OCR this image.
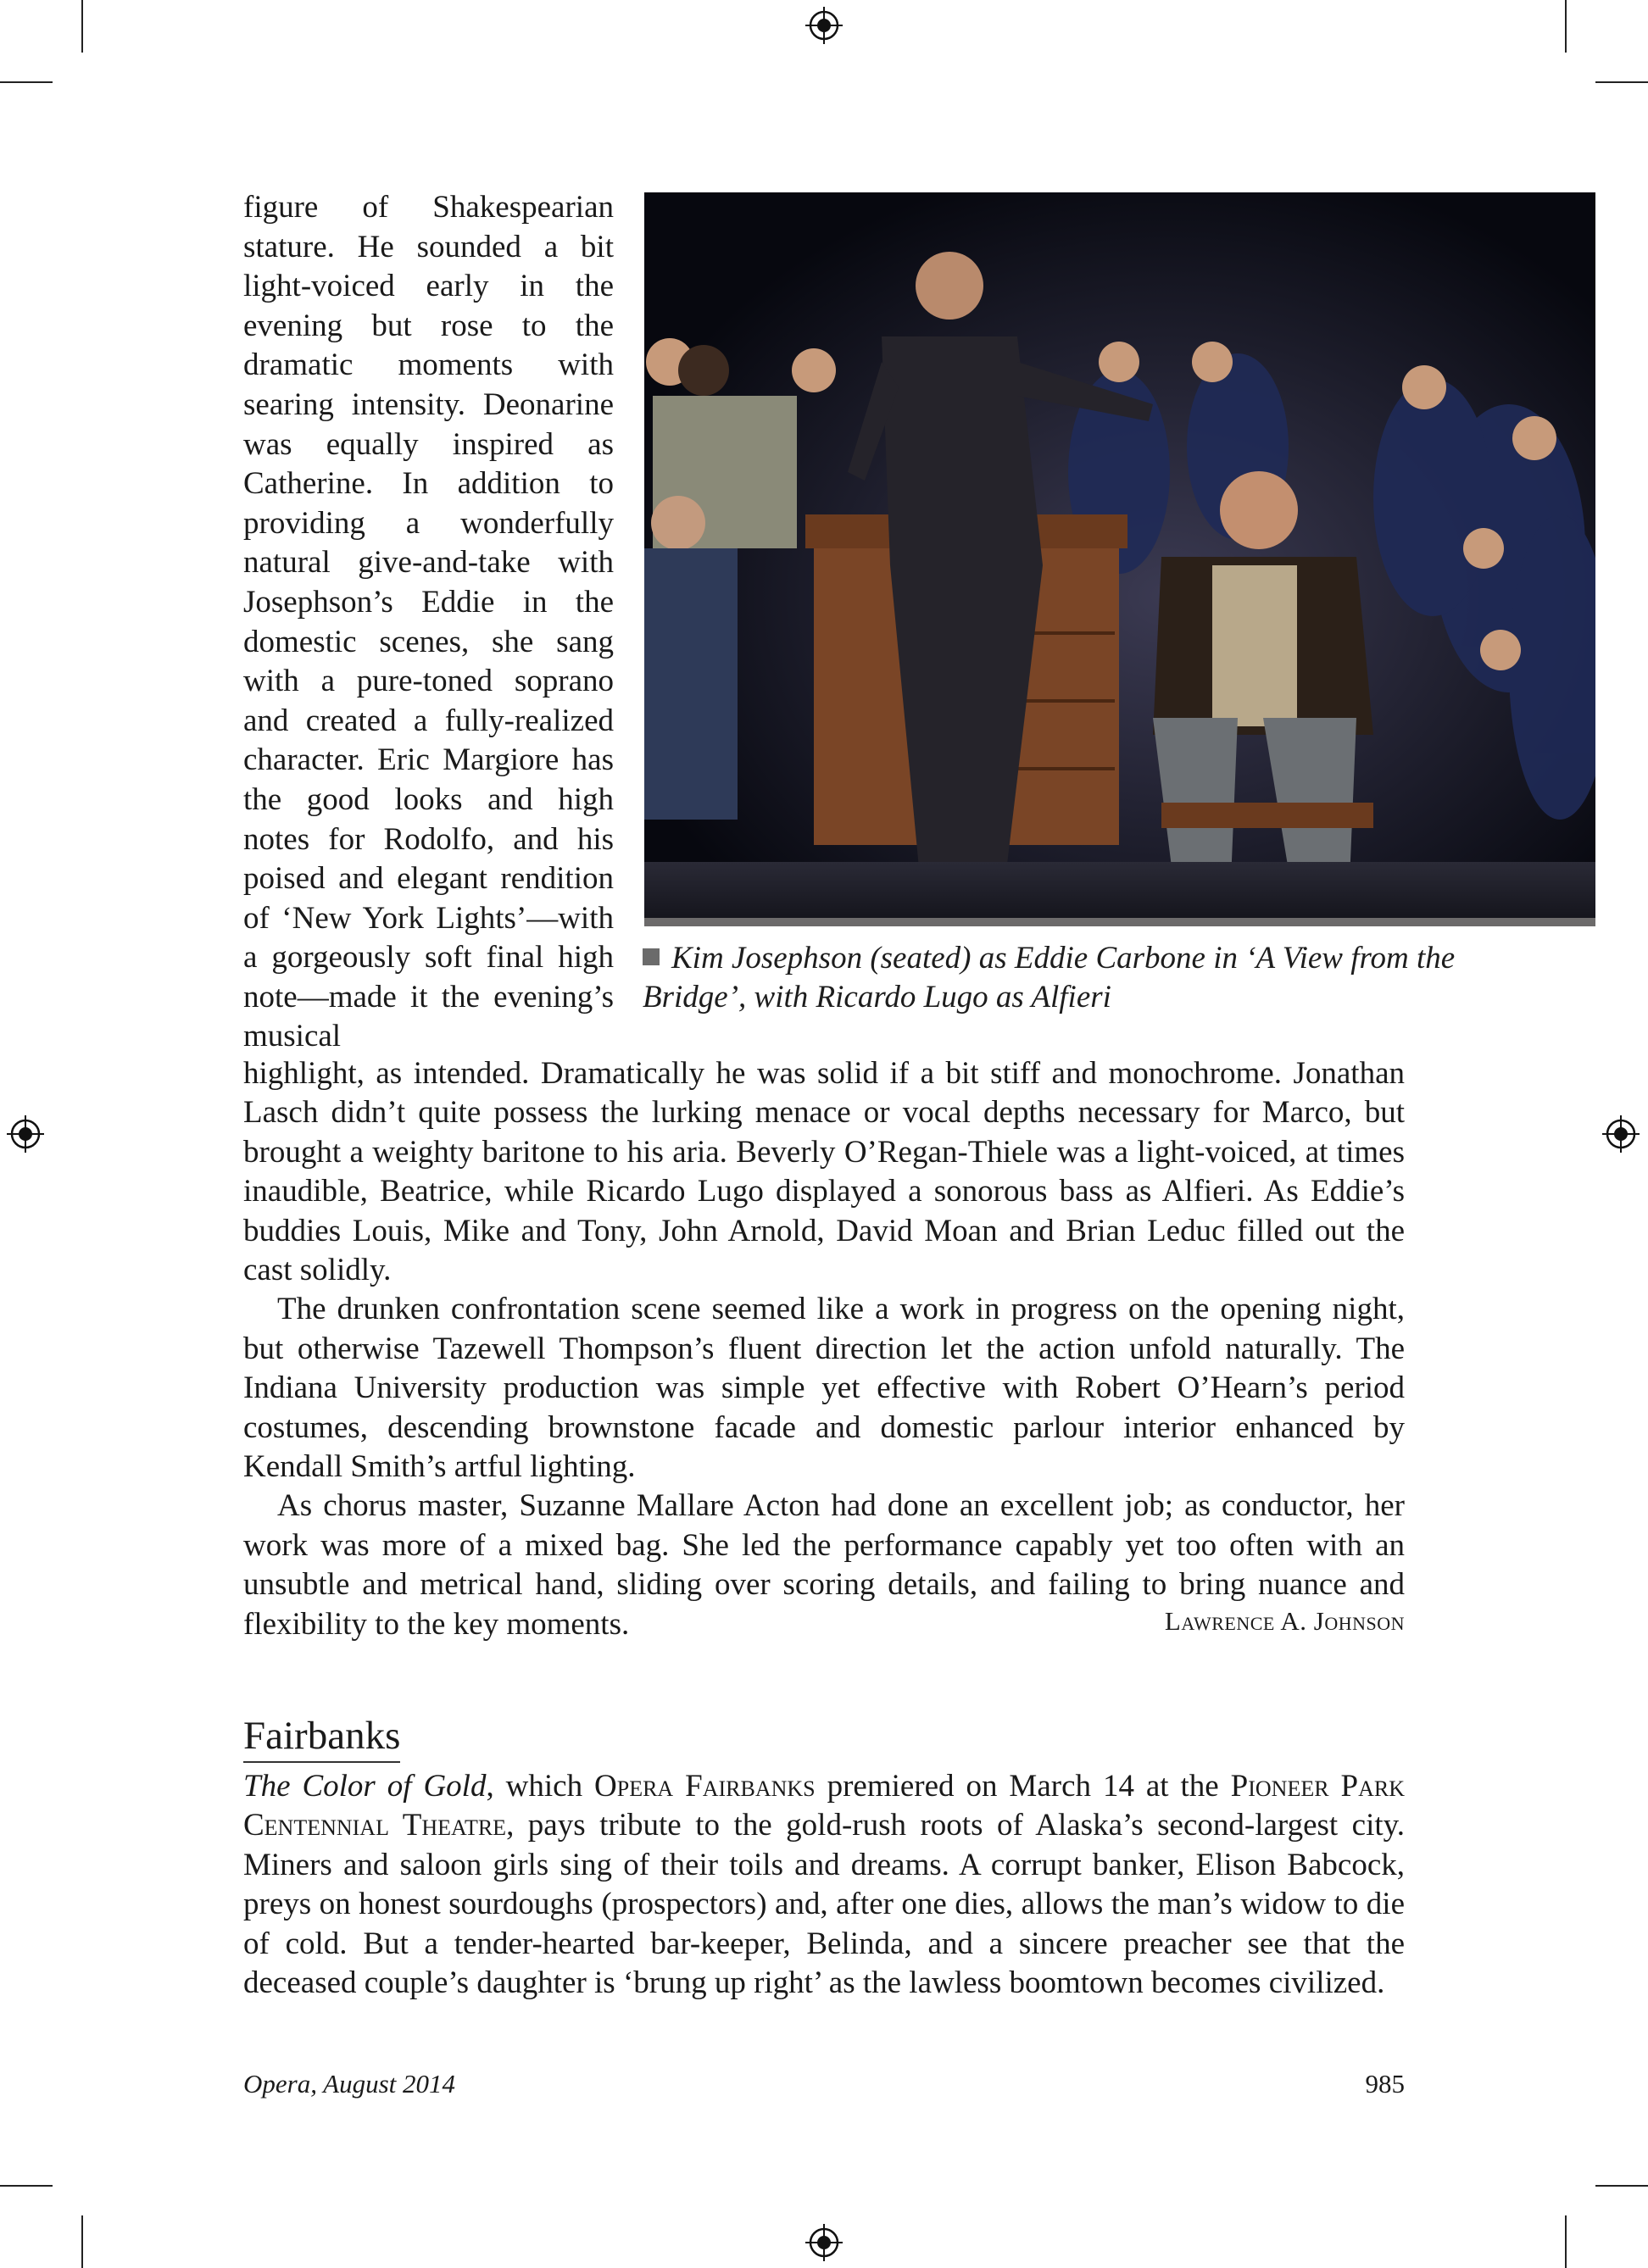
figure of Shakespearian stature. He sounded a bit light-voiced early in the evening but rose to the dramatic moments with searing intensity. Deonarine was equally inspired as Catherine. In addition to providing a wonderfully natural give-and-take with Josephson’s Eddie in the domestic scenes, she sang with a pure-toned soprano and created a fully-realized character. Eric Margiore has the good looks and high notes for Rodolfo, and his poised and elegant rendition of ‘New York Lights’—with a gorgeously soft final high note—made it the evening’s musical

Kim Josephson (seated) as Eddie Carbone in ‘A View from the Bridge’, with Ricardo Lugo as Alfieri

highlight, as intended. Dramatically he was solid if a bit stiff and monochrome. Jonathan Lasch didn’t quite possess the lurking menace or vocal depths necessary for Marco, but brought a weighty baritone to his aria. Beverly O’Regan-Thiele was a light-voiced, at times inaudible, Beatrice, while Ricardo Lugo displayed a sonorous bass as Alfieri. As Eddie’s buddies Louis, Mike and Tony, John Arnold, David Moan and Brian Leduc filled out the cast solidly.

The drunken confrontation scene seemed like a work in progress on the opening night, but otherwise Tazewell Thompson’s fluent direction let the action unfold naturally. The Indiana University production was simple yet effective with Robert O’Hearn’s period costumes, descending brownstone facade and domestic parlour interior enhanced by Kendall Smith’s artful lighting.

As chorus master, Suzanne Mallare Acton had done an excellent job; as conductor, her work was more of a mixed bag. She led the performance capably yet too often with an unsubtle and metrical hand, sliding over scoring details, and failing to bring nuance and flexibility to the key moments.	Lawrence A. Johnson

Fairbanks

The Color of Gold, which Opera Fairbanks premiered on March 14 at the Pioneer Park Centennial Theatre, pays tribute to the gold-rush roots of Alaska’s second-largest city. Miners and saloon girls sing of their toils and dreams. A corrupt banker, Elison Babcock, preys on honest sourdoughs (prospectors) and, after one dies, allows the man’s widow to die of cold. But a tender-hearted bar-keeper, Belinda, and a sincere preacher see that the deceased couple’s daughter is ‘brung up right’ as the lawless boomtown becomes civilized.

Opera, August 2014	985
